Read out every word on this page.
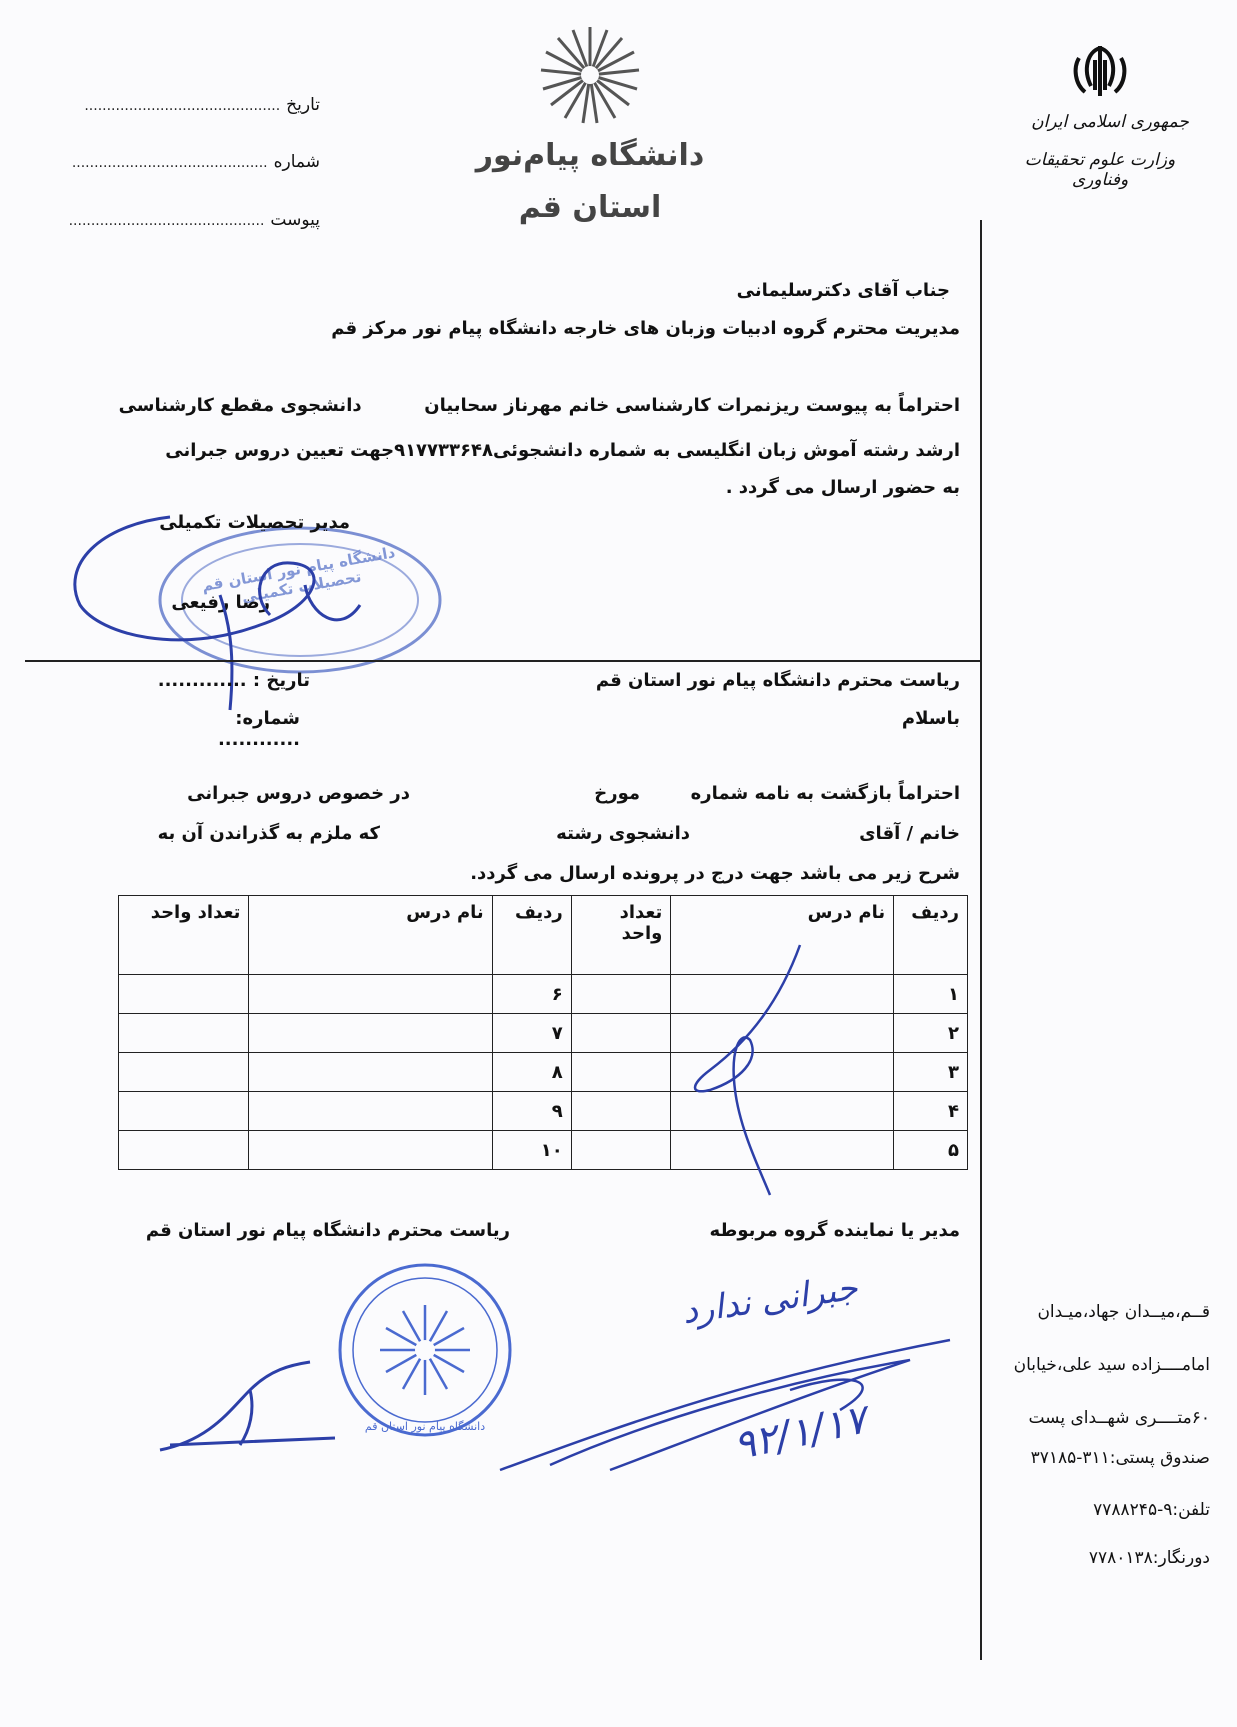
جمهوری اسلامی ایران
وزارت علوم تحقیقات وفناوری
دانشگاه پیام‌نور
استان قم
تاریخ
............................................
شماره
............................................
پیوست
............................................
جناب آقای دکترسلیمانی
مدیریت محترم گروه ادبیات وزبان های خارجه دانشگاه پیام نور مرکز قم
احتراماً به پیوست ریزنمرات کارشناسی خانم مهرناز سحابیان          دانشجوی مقطع کارشناسی
ارشد رشته آموش زبان انگلیسی به شماره دانشجوئی۹۱۷۷۳۳۶۴۸جهت تعیین دروس جبرانی
به حضور ارسال می گردد .
دانشگاه پیام نور استان قم تحصیلات تکمیلی
مدیر تحصیلات تکمیلی
رضا رفیعی
ریاست محترم دانشگاه پیام نور استان قم
باسلام
تاریخ : .............
شماره: ............
احتراماً بازگشت به نامه شماره
مورخ
در خصوص دروس جبرانی
خانم / آقای
دانشجوی رشته
که ملزم به گذراندن آن به
شرح زیر می باشد جهت درج در پرونده ارسال می گردد.
ردیف	نام درس	تعداد واحد	ردیف	نام درس	تعداد واحد
۱			۶		
۲			۷		
۳			۸		
۴			۹		
۵			۱۰		
مدیر یا نماینده گروه مربوطه
ریاست محترم دانشگاه پیام نور استان قم
جبرانی ندارد
۹۲/۱/۱۷
دانشگاه پیام نور استان قم
قــم،میــدان جهاد،میـدان
امامــــزاده سید علی،خیابان
۶۰متــــری شهــدای پست
صندوق پستی:۳۱۱-۳۷۱۸۵
تلفن:۹-۷۷۸۸۲۴۵
دورنگار:۷۷۸۰۱۳۸
